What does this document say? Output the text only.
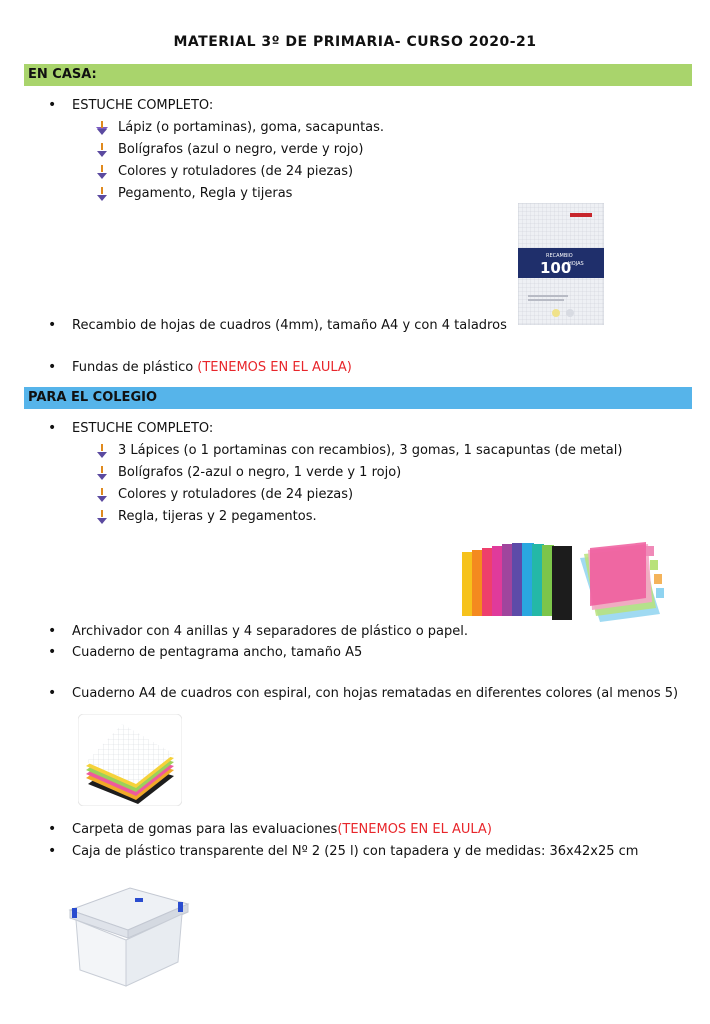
MATERIAL 3º DE PRIMARIA- CURSO 2020-21
EN CASA:
• ESTUCHE COMPLETO:
Lápiz (o portaminas), goma, sacapuntas.
Bolígrafos (azul o negro, verde y rojo)
Colores y rotuladores (de 24 piezas)
Pegamento, Regla y tijeras
RECAMBIO
100
HOJAS
• Recambio de hojas de cuadros (4mm), tamaño A4 y con 4 taladros
• Fundas de plástico (TENEMOS EN EL AULA)
PARA EL COLEGIO
• ESTUCHE COMPLETO:
3 Lápices (o 1 portaminas con recambios), 3 gomas, 1 sacapuntas (de metal)
Bolígrafos (2-azul o negro, 1 verde y 1 rojo)
Colores y rotuladores (de 24 piezas)
Regla, tijeras y 2 pegamentos.
• Archivador con 4 anillas y 4 separadores de plástico o papel.
• Cuaderno de pentagrama ancho, tamaño A5
• Cuaderno A4 de cuadros con espiral, con hojas rematadas en diferentes colores (al menos 5)
• Carpeta de gomas para las evaluaciones(TENEMOS EN EL AULA)
• Caja de plástico transparente del Nº 2 (25 l) con tapadera y de medidas: 36x42x25 cm
